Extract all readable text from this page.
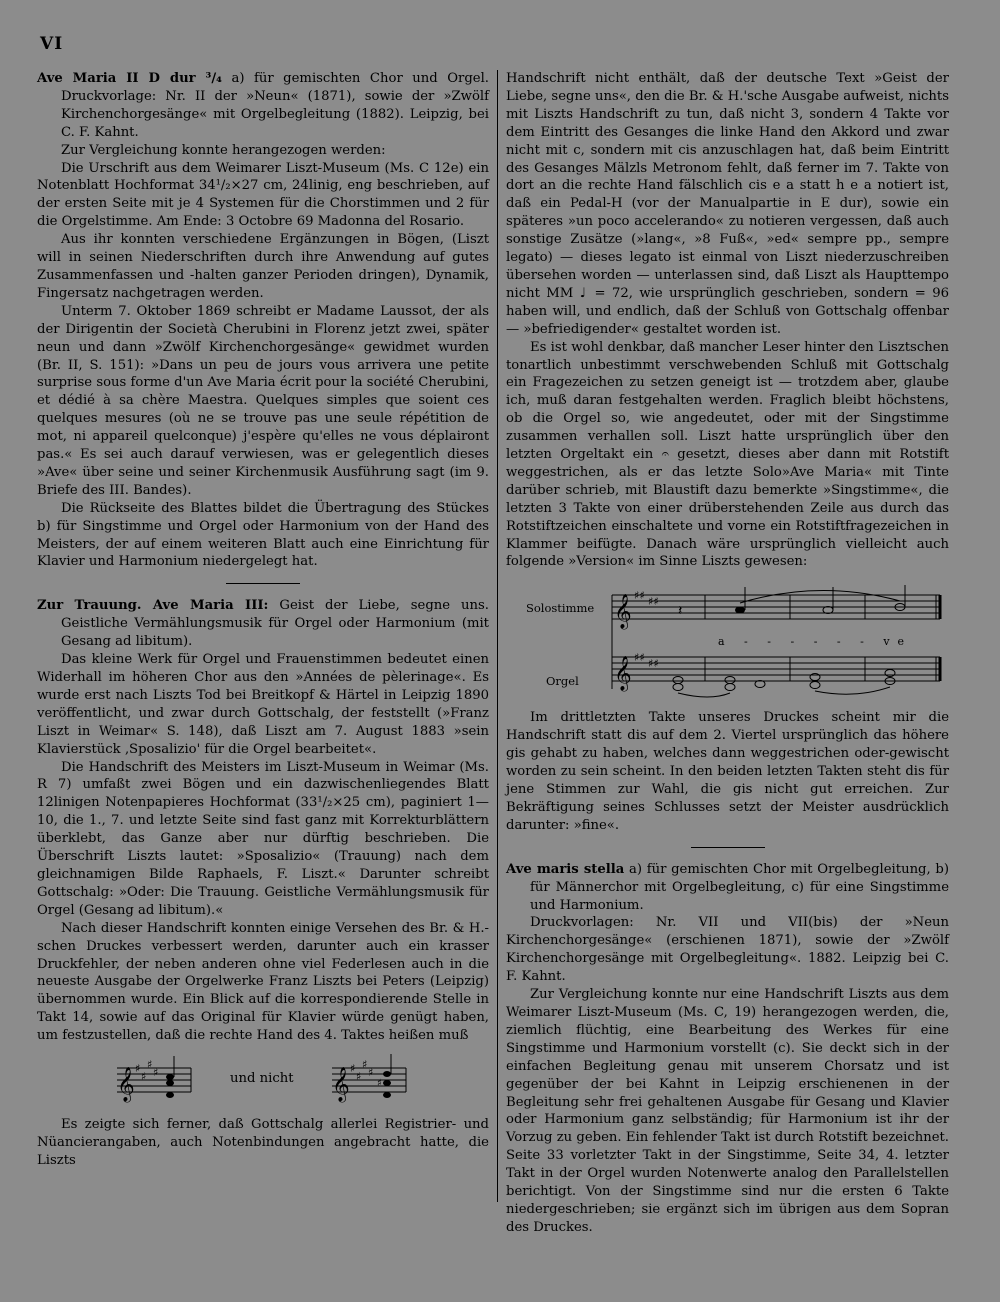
VI

Ave Maria II D dur ³/₄ a) für gemischten Chor und Orgel. Druckvorlage: Nr. II der »Neun« (1871), sowie der »Zwölf Kirchenchorgesänge« mit Orgelbegleitung (1882). Leipzig, bei C. F. Kahnt.

Zur Vergleichung konnte herangezogen werden:

Die Urschrift aus dem Weimarer Liszt-Museum (Ms. C 12e) ein Notenblatt Hochformat 34¹/₂×27 cm, 24linig, eng beschrieben, auf der ersten Seite mit je 4 Systemen für die Chorstimmen und 2 für die Orgelstimme. Am Ende: 3 Octobre 69 Madonna del Rosario.

Aus ihr konnten verschiedene Ergänzungen in Bögen, (Liszt will in seinen Niederschriften durch ihre Anwendung auf gutes Zusammenfassen und -halten ganzer Perioden dringen), Dynamik, Fingersatz nachgetragen werden.

Unterm 7. Oktober 1869 schreibt er Madame Laussot, der als der Dirigentin der Società Cherubini in Florenz jetzt zwei, später neun und dann »Zwölf Kirchenchorgesänge« gewidmet wurden (Br. II, S. 151): »Dans un peu de jours vous arrivera une petite surprise sous forme d'un Ave Maria écrit pour la société Cherubini, et dédié à sa chère Maestra. Quelques simples que soient ces quelques mesures (où ne se trouve pas une seule répétition de mot, ni appareil quelconque) j'espère qu'elles ne vous déplairont pas.« Es sei auch darauf verwiesen, was er gelegentlich dieses »Ave« über seine und seiner Kirchenmusik Ausführung sagt (im 9. Briefe des III. Bandes).

Die Rückseite des Blattes bildet die Übertragung des Stückes b) für Singstimme und Orgel oder Harmonium von der Hand des Meisters, der auf einem weiteren Blatt auch eine Einrichtung für Klavier und Harmonium niedergelegt hat.

Zur Trauung. Ave Maria III: Geist der Liebe, segne uns. Geistliche Vermählungsmusik für Orgel oder Harmonium (mit Gesang ad libitum).

Das kleine Werk für Orgel und Frauenstimmen bedeutet einen Widerhall im höheren Chor aus den »Années de pèlerinage«. Es wurde erst nach Liszts Tod bei Breitkopf & Härtel in Leipzig 1890 veröffentlicht, und zwar durch Gottschalg, der feststellt (»Franz Liszt in Weimar« S. 148), daß Liszt am 7. August 1883 »sein Klavierstück ‚Sposalizio' für die Orgel bearbeitet«.

Die Handschrift des Meisters im Liszt-Museum in Weimar (Ms. R 7) umfaßt zwei Bögen und ein dazwischenliegendes Blatt 12linigen Notenpapieres Hochformat (33¹/₂×25 cm), paginiert 1—10, die 1., 7. und letzte Seite sind fast ganz mit Korrekturblättern überklebt, das Ganze aber nur dürftig beschrieben. Die Überschrift Liszts lautet: »Sposalizio« (Trauung) nach dem gleichnamigen Bilde Raphaels, F. Liszt.« Darunter schreibt Gottschalg: »Oder: Die Trauung. Geistliche Vermählungsmusik für Orgel (Gesang ad libitum).«

Nach dieser Handschrift konnten einige Versehen des Br. & H.-schen Druckes verbessert werden, darunter auch ein krasser Druckfehler, der neben anderen ohne viel Federlesen auch in die neueste Ausgabe der Orgelwerke Franz Liszts bei Peters (Leipzig) übernommen wurde. Ein Blick auf die korrespondierende Stelle in Takt 14, sowie auf das Original für Klavier würde genügt haben, um festzustellen, daß die rechte Hand des 4. Taktes heißen muß

𝄞 ♯
♯
♯
♯	und nicht 𝄞 ♯
♯
♯
♯
♯

Es zeigte sich ferner, daß Gottschalg allerlei Registrier- und Nüancierangaben, auch Notenbindungen angebracht hatte, die Liszts

Handschrift nicht enthält, daß der deutsche Text »Geist der Liebe, segne uns«, den die Br. & H.'sche Ausgabe aufweist, nichts mit Liszts Handschrift zu tun, daß nicht 3, sondern 4 Takte vor dem Eintritt des Gesanges die linke Hand den Akkord und zwar nicht mit c, sondern mit cis anzuschlagen hat, daß beim Eintritt des Gesanges Mälzls Metronom fehlt, daß ferner im 7. Takte von dort an die rechte Hand fälschlich cis e a statt h e a notiert ist, daß ein Pedal-H (vor der Manualpartie in E dur), sowie ein späteres »un poco accelerando« zu notieren vergessen, daß auch sonstige Zusätze (»lang«, »8 Fuß«, »ed« sempre pp., sempre legato) — dieses legato ist einmal von Liszt niederzuschreiben übersehen worden — unterlassen sind, daß Liszt als Haupttempo nicht MM ♩ = 72, wie ursprünglich geschrieben, sondern = 96 haben will, und endlich, daß der Schluß von Gottschalg offenbar — »befriedigender« gestaltet worden ist.

Es ist wohl denkbar, daß mancher Leser hinter den Lisztschen tonartlich unbestimmt verschwebenden Schluß mit Gottschalg ein Fragezeichen zu setzen geneigt ist — trotzdem aber, glaube ich, muß daran festgehalten werden. Fraglich bleibt höchstens, ob die Orgel so, wie angedeutet, oder mit der Singstimme zusammen verhallen soll. Liszt hatte ursprünglich über den letzten Orgeltakt ein 𝄐 gesetzt, dieses aber dann mit Rotstift weggestrichen, als er das letzte Solo»Ave Maria« mit Tinte darüber schrieb, mit Blaustift dazu bemerkte »Singstimme«, die letzten 3 Takte von einer drüberstehenden Zeile aus durch das Rotstiftzeichen einschaltete und vorne ein Rotstiftfragezeichen in Klammer beifügte. Danach wäre ursprünglich vielleicht auch folgende »Version« im Sinne Liszts gewesen:

Solostimme
Orgel
𝄞
𝄞
♯♯ ♯♯
♯♯ ♯♯
𝄽
a - - - - - - ve

Im drittletzten Takte unseres Druckes scheint mir die Handschrift statt dis auf dem 2. Viertel ursprünglich das höhere gis gehabt zu haben, welches dann weggestrichen oder-gewischt worden zu sein scheint. In den beiden letzten Takten steht dis für jene Stimmen zur Wahl, die gis nicht gut erreichen. Zur Bekräftigung seines Schlusses setzt der Meister ausdrücklich darunter: »fine«.

Ave maris stella a) für gemischten Chor mit Orgelbegleitung, b) für Männerchor mit Orgelbegleitung, c) für eine Singstimme und Harmonium.

Druckvorlagen: Nr. VII und VII(bis) der »Neun Kirchenchorgesänge« (erschienen 1871), sowie der »Zwölf Kirchenchorgesänge mit Orgelbegleitung«. 1882. Leipzig bei C. F. Kahnt.

Zur Vergleichung konnte nur eine Handschrift Liszts aus dem Weimarer Liszt-Museum (Ms. C, 19) herangezogen werden, die, ziemlich flüchtig, eine Bearbeitung des Werkes für eine Singstimme und Harmonium vorstellt (c). Sie deckt sich in der einfachen Begleitung genau mit unserem Chorsatz und ist gegenüber der bei Kahnt in Leipzig erschienenen in der Begleitung sehr frei gehaltenen Ausgabe für Gesang und Klavier oder Harmonium ganz selbständig; für Harmonium ist ihr der Vorzug zu geben. Ein fehlender Takt ist durch Rotstift bezeichnet. Seite 33 vorletzter Takt in der Singstimme, Seite 34, 4. letzter Takt in der Orgel wurden Notenwerte analog den Parallelstellen berichtigt. Von der Singstimme sind nur die ersten 6 Takte niedergeschrieben; sie ergänzt sich im übrigen aus dem Sopran des Druckes.
